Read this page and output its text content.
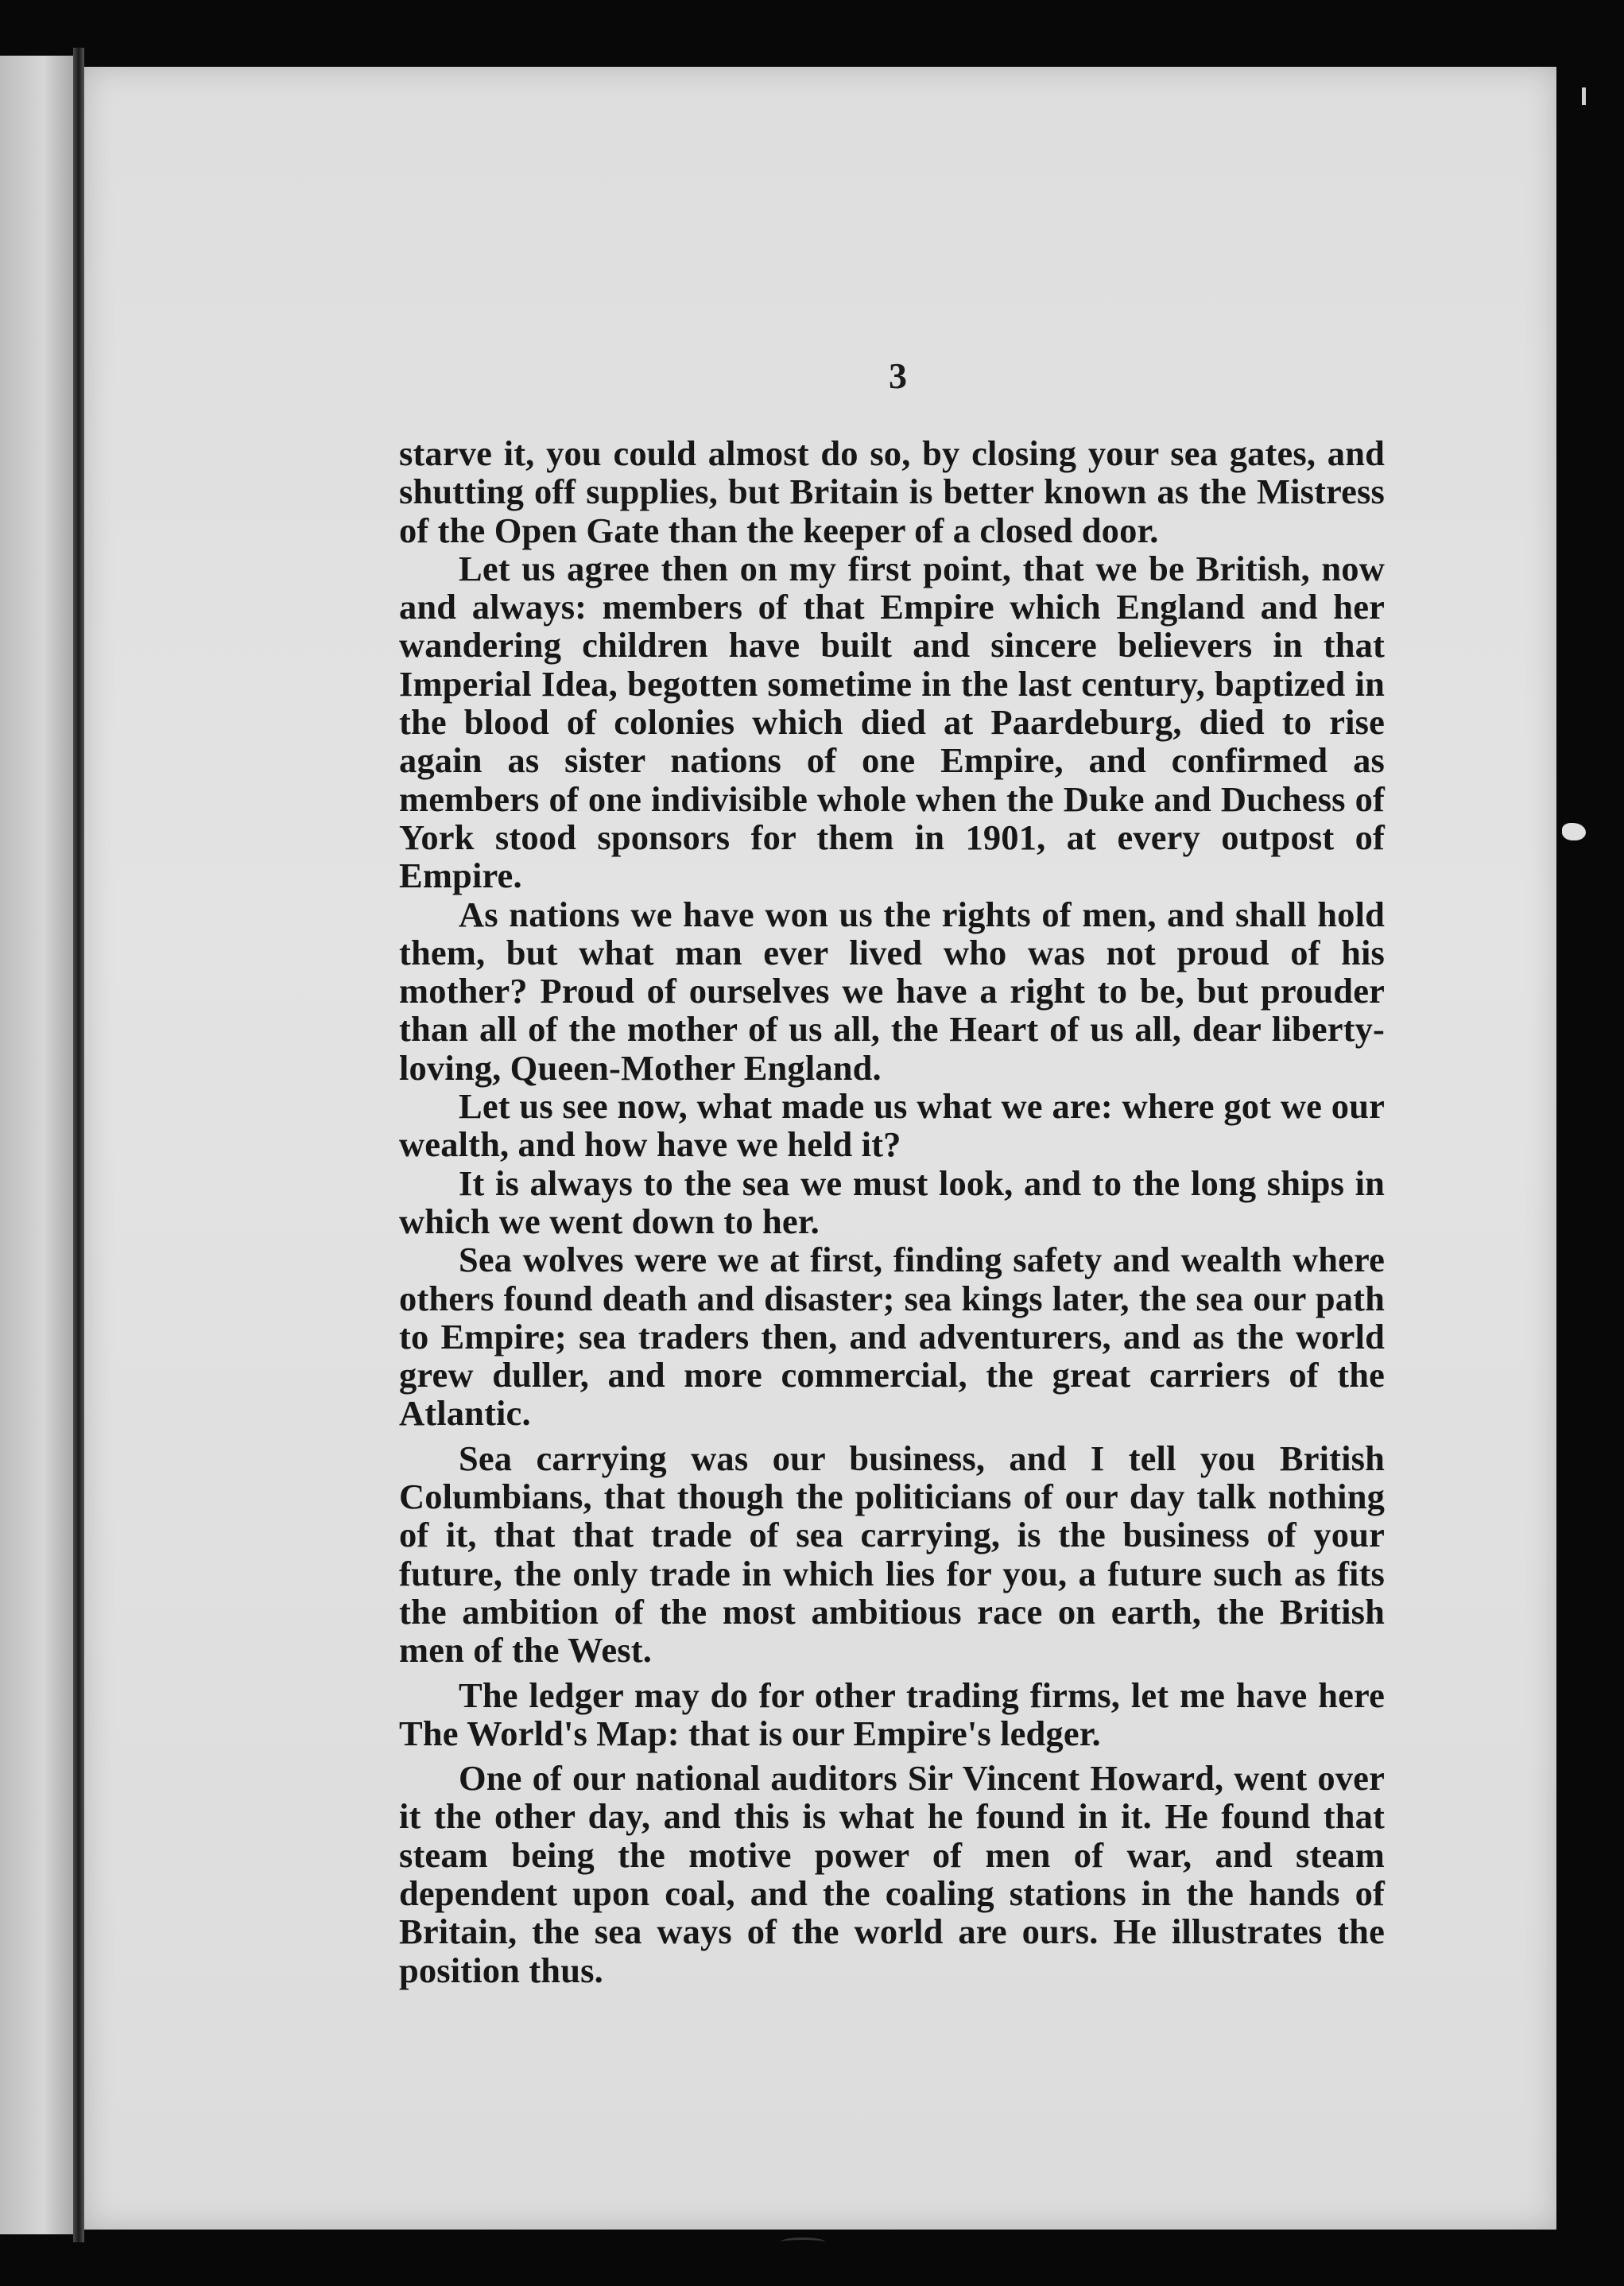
3

starve it, you could almost do so, by closing your sea gates, and shutting off supplies, but Britain is better known as the Mistress of the Open Gate than the keeper of a closed door.

Let us agree then on my first point, that we be British, now and always: members of that Empire which England and her wandering children have built and sincere believers in that Imperial Idea, begotten sometime in the last century, baptized in the blood of colonies which died at Paardeburg, died to rise again as sister nations of one Empire, and confirmed as members of one indivisible whole when the Duke and Duchess of York stood sponsors for them in 1901, at every outpost of Empire.

As nations we have won us the rights of men, and shall hold them, but what man ever lived who was not proud of his mother? Proud of ourselves we have a right to be, but prouder than all of the mother of us all, the Heart of us all, dear liberty-loving, Queen-Mother England.

Let us see now, what made us what we are: where got we our wealth, and how have we held it?

It is always to the sea we must look, and to the long ships in which we went down to her.

Sea wolves were we at first, finding safety and wealth where others found death and disaster; sea kings later, the sea our path to Empire; sea traders then, and adventurers, and as the world grew duller, and more commercial, the great carriers of the Atlantic.

Sea carrying was our business, and I tell you British Columbians, that though the politicians of our day talk nothing of it, that that trade of sea carrying, is the business of your future, the only trade in which lies for you, a future such as fits the ambition of the most ambitious race on earth, the British men of the West.

The ledger may do for other trading firms, let me have here The World's Map: that is our Empire's ledger.

One of our national auditors Sir Vincent Howard, went over it the other day, and this is what he found in it. He found that steam being the motive power of men of war, and steam dependent upon coal, and the coaling stations in the hands of Britain, the sea ways of the world are ours. He illustrates the position thus.
